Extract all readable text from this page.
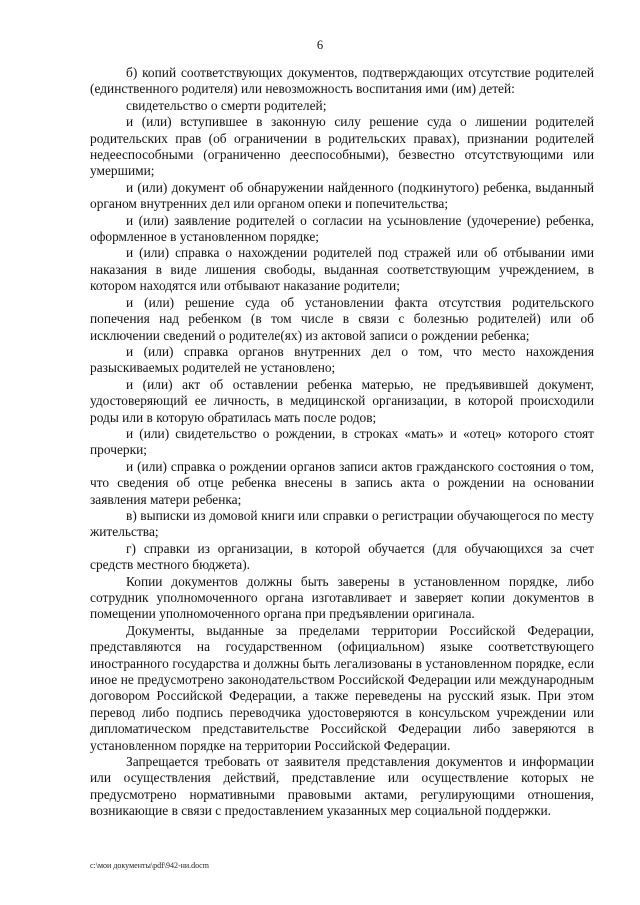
6

б) копий соответствующих документов, подтверждающих отсутствие родителей (единственного родителя) или невозможность воспитания ими (им) детей:

свидетельство о смерти родителей;

и (или) вступившее в законную силу решение суда о лишении родителей родительских прав (об ограничении в родительских правах), признании родителей недееспособными (ограниченно дееспособными), безвестно отсутствующими или умершими;

и (или) документ об обнаружении найденного (подкинутого) ребенка, выданный органом внутренних дел или органом опеки и попечительства;

и (или) заявление родителей о согласии на усыновление (удочерение) ребенка, оформленное в установленном порядке;

и (или) справка о нахождении родителей под стражей или об отбывании ими наказания в виде лишения свободы, выданная соответствующим учреждением, в котором находятся или отбывают наказание родители;

и (или) решение суда об установлении факта отсутствия родительского попечения над ребенком (в том числе в связи с болезнью родителей) или об исключении сведений о родителе(ях) из актовой записи о рождении ребенка;

и (или) справка органов внутренних дел о том, что место нахождения разыскиваемых родителей не установлено;

и (или) акт об оставлении ребенка матерью, не предъявившей документ, удостоверяющий ее личность, в медицинской организации, в которой происходили роды или в которую обратилась мать после родов;

и (или) свидетельство о рождении, в строках «мать» и «отец» которого стоят прочерки;

и (или) справка о рождении органов записи актов гражданского состояния о том, что сведения об отце ребенка внесены в запись акта о рождении на основании заявления матери ребенка;

в) выписки из домовой книги или справки о регистрации обучающегося по месту жительства;

г) справки из организации, в которой обучается (для обучающихся за счет средств местного бюджета).

Копии документов должны быть заверены в установленном порядке, либо сотрудник уполномоченного органа изготавливает и заверяет копии документов в помещении уполномоченного органа при предъявлении оригинала.

Документы, выданные за пределами территории Российской Федерации, представляются на государственном (официальном) языке соответствующего иностранного государства и должны быть легализованы в установленном порядке, если иное не предусмотрено законодательством Российской Федерации или международным договором Российской Федерации, а также переведены на русский язык. При этом перевод либо подпись переводчика удостоверяются в консульском учреждении или дипломатическом представительстве Российской Федерации либо заверяются в установленном порядке на территории Российской Федерации.

Запрещается требовать от заявителя представления документов и информации или осуществления действий, представление или осуществление которых не предусмотрено нормативными правовыми актами, регулирующими отношения, возникающие в связи с предоставлением указанных мер социальной поддержки.

c:\мои документы\pdf\942-ни.docm
